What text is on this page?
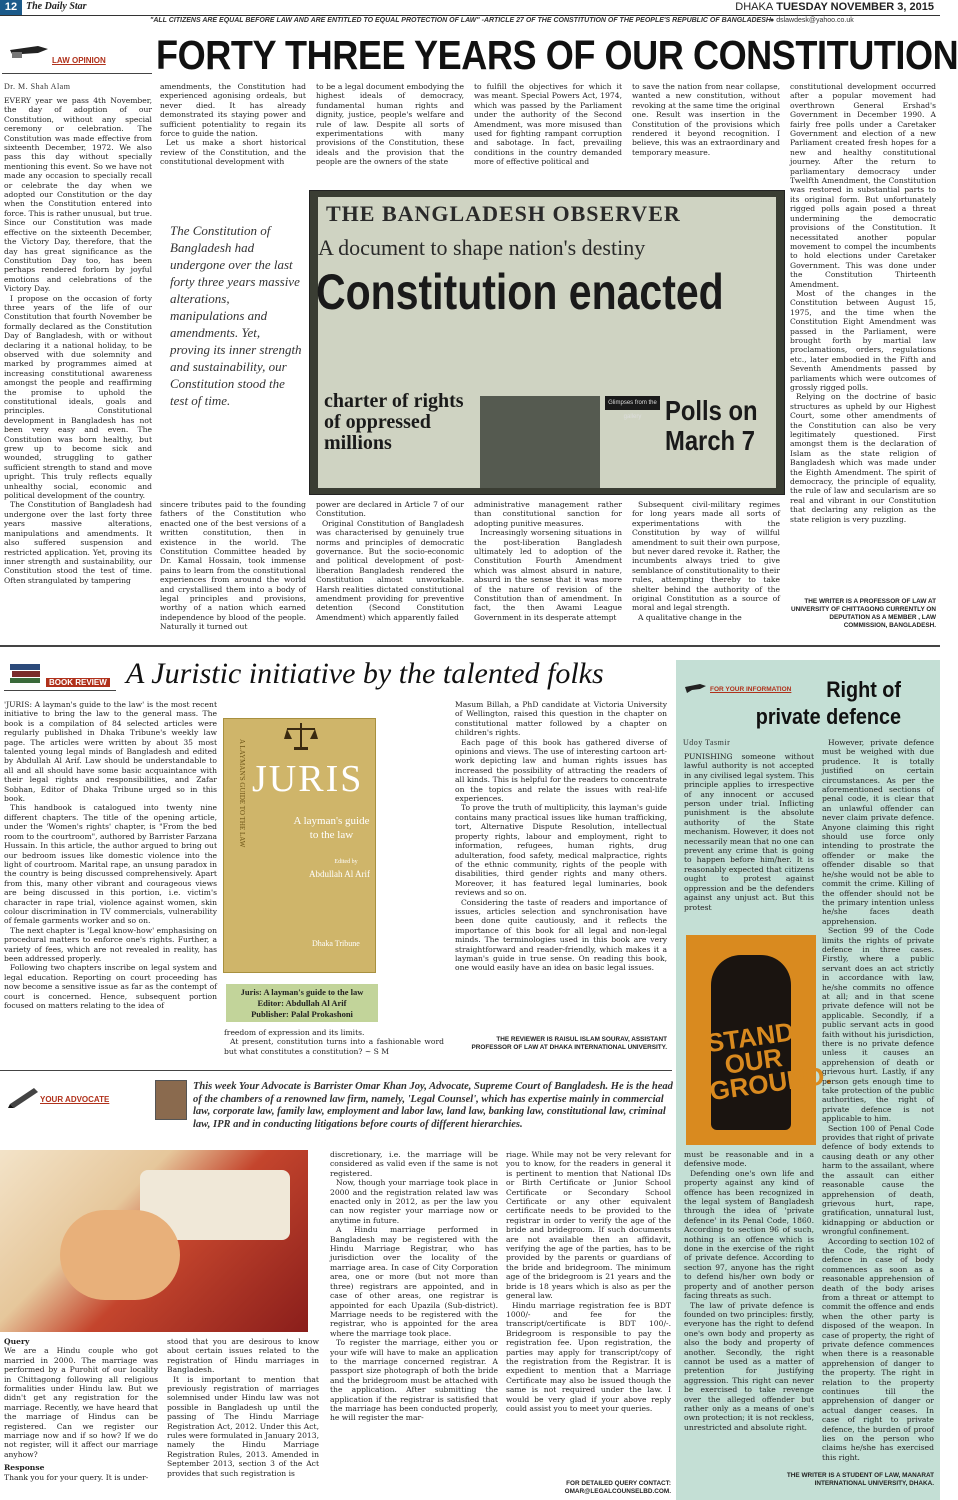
12 The Daily Star	DHAKA TUESDAY NOVEMBER 3, 2015
"ALL CITIZENS ARE EQUAL BEFORE LAW AND ARE ENTITLED TO EQUAL PROTECTION OF LAW" -ARTICLE 27 OF THE CONSTITUTION OF THE PEOPLE'S REPUBLIC OF BANGLADESH ● dslawdesk@yahoo.co.uk
LAW OPINION FORTY THREE YEARS OF OUR CONSTITUTION
Dr. M. Shah Alam

EVERY year we pass 4th November, the day of adoption of our Constitution, without any special ceremony or celebration. The Constitution was made effective from sixteenth December, 1972. We also pass this day without specially mentioning this event. So we have not made any occasion to specially recall or celebrate the day when we adopted our Constitution or the day when the Constitution entered into force. This is rather unusual, but true. Since our Constitution was made effective on the sixteenth December, the Victory Day, therefore, that the day has great significance as the Constitution Day too, has been perhaps rendered forlorn by joyful emotions and celebrations of the Victory Day.

I propose on the occasion of forty three years of the life of our Constitution that fourth November be formally declared as the Constitution Day of Bangladesh, with or without declaring it a national holiday, to be observed with due solemnity and marked by programmes aimed at increasing constitutional awareness amongst the people and reaffirming the promise to uphold the constitutional ideals, goals and principles. Constitutional development in Bangladesh has not been very easy and even. The Constitution was born healthy, but grew up to become sick and wounded, struggling to gather sufficient strength to stand and move upright. This truly reflects equally unhealthy social, economic and political development of the country.

The Constitution of Bangladesh had undergone over the last forty three years massive alterations, manipulations and amendments. It also suffered suspension and restricted application. Yet, proving its inner strength and sustainability, our Constitution stood the test of time. Often strangulated by tampering

amendments, the Constitution had experienced agonising ordeals, but never died. It has already demonstrated its staying power and sufficient potentiality to regain its force to guide the nation.

Let us make a short historical review of the Constitution, and the constitutional development with

to be a legal document embodying the highest ideals of democracy, fundamental human rights and dignity, justice, people's welfare and rule of law. Despite all sorts of experimentations with many provisions of the Constitution, these ideals and the provision that the people are the owners of the state
to fulfill the objectives for which it was meant. Special Powers Act, 1974, which was passed by the Parliament under the authority of the Second Amendment, was more misused than used for fighting rampant corruption and sabotage. In fact, prevailing conditions in the country demanded more of effective political and
to save the nation from near collapse, wanted a new constitution, without revoking at the same time the original one. Result was insertion in the Constitution of the provisions which rendered it beyond recognition. I believe, this was an extraordinary and temporary measure.

constitutional development occurred after a popular movement had overthrown General Ershad's Government in December 1990. A fairly free polls under a Caretaker Government and election of a new Parliament created fresh hopes for a new and healthy constitutional journey. After the return to parliamentary democracy under Twelfth Amendment, the Constitution was restored in substantial parts to its original form. But unfortunately rigged polls again posed a threat undermining the democratic provisions of the Constitution. It necessitated another popular movement to compel the incumbents to hold elections under Caretaker Government. This was done under the Constitution Thirteenth Amendment.

Most of the changes in the Constitution between August 15, 1975, and the time when the Constitution Eight Amendment was passed in the Parliament, were brought forth by martial law proclamations, orders, regulations etc., later embodied in the Fifth and Seventh Amendments passed by parliaments which were outcomes of grossly rigged polls.

Relying on the doctrine of basic structures as upheld by our Highest Court, some other amendments of the Constitution can also be very legitimately questioned. First amongst them is the declaration of Islam as the state religion of Bangladesh which was made under the Eighth Amendment. The spirit of democracy, the principle of equality, the rule of law and secularism are so real and vibrant in our Constitution that declaring any religion as the state religion is very puzzling.

The Constitution of Bangladesh had undergone over the last forty three years massive alterations, manipulations and amendments. Yet, proving its inner strength and sustainability, our Constitution stood the test of time.
THE BANGLADESH OBSERVER
A document to shape nation's destiny
Constitution enacted
charter of rights of oppressed millions
Glimpses from the gallery Polls on March 7
sincere tributes paid to the founding fathers of the Constitution who enacted one of the best versions of a written constitution, then in existence in the world. The Constitution Committee headed by Dr. Kamal Hossain, took immense pains to learn from the constitutional experiences from around the world and crystallised them into a body of legal principles and provisions, worthy of a nation which earned independence by blood of the people. Naturally it turned out

power are declared in Article 7 of our Constitution.

Original Constitution of Bangladesh was characterised by genuinely true norms and principles of democratic governance. But the socio-economic and political development of post-liberation Bangladesh rendered the Constitution almost unworkable. Harsh realities dictated constitutional amendment providing for preventive detention (Second Constitution Amendment) which apparently failed

administrative management rather than constitutional sanction for adopting punitive measures.

Increasingly worsening situations in the post-liberation Bangladesh ultimately led to adoption of the Constitution Fourth Amendment which was almost absurd in nature, absurd in the sense that it was more of the nature of revision of the Constitution than of amendment. In fact, the then Awami League Government in its desperate attempt

Subsequent civil-military regimes for long years made all sorts of experimentations with the Constitution by way of willful amendment to suit their own purpose, but never dared revoke it. Rather, the incumbents always tried to give semblance of constitutionality to their rules, attempting thereby to take shelter behind the authority of the original Constitution as a source of moral and legal strength.

A qualitative change in the

THE WRITER IS A PROFESSOR OF LAW AT UNIVERSITY OF CHITTAGONG CURRENTLY ON DEPUTATION AS A MEMBER , LAW COMMISSION, BANGLADESH.
BOOK REVIEW A Juristic initiative by the talented folks

'JURIS: A layman's guide to the law' is the most recent initiative to bring the law to the general mass. The book is a compilation of 84 selected articles were regularly published in Dhaka Tribune's weekly law page. The articles were written by about 35 most talented young legal minds of Bangladesh and edited by Abdullah Al Arif. Law should be understandable to all and all should have some basic acquaintance with their legal rights and responsibilities, and Zafar Sobhan, Editor of Dhaka Tribune urged so in this book.

This handbook is catalogued into twenty nine different chapters. The title of the opening article, under the 'Women's rights' chapter, is "From the bed room to the courtroom", authored by Barrister Farzana Hussain. In this article, the author argued to bring out our bedroom issues like domestic violence into the light of courtroom. Marital rape, an unsung paradox in the country is being discussed comprehensively. Apart from this, many other vibrant and courageous views are being discussed in this portion, i.e. victim's character in rape trial, violence against women, skin colour discrimination in TV commercials, vulnerability of female garments worker and so on.

The next chapter is 'Legal know-how' emphasising on procedural matters to enforce one's rights. Further, a variety of fees, which are not revealed in reality, has been addressed properly.

Following two chapters inscribe on legal system and legal education. Reporting on court proceeding has now become a sensitive issue as far as the contempt of court is concerned. Hence, subsequent portion focused on matters relating to the idea of

A LAYMAN'S GUIDE TO THE LAW JURIS
A layman's guide to the law
Edited by
Abdullah Al Arif
Dhaka Tribune
Juris: A layman's guide to the law
Editor: Abdullah Al Arif
Publisher: Palal Prokashoni

freedom of expression and its limits.

At present, constitution turns into a fashionable word but what constitutes a constitution? ~ S M

Masum Billah, a PhD candidate at Victoria University of Wellington, raised this question in the chapter on constitutional matter followed by a chapter on children's rights.

Each page of this book has gathered diverse of opinions and views. The use of interesting cartoon art-work depicting law and human rights issues has increased the possibility of attracting the readers of all kinds. This is helpful for the readers to concentrate on the topics and relate the issues with real-life experiences.

To prove the truth of multiplicity, this layman's guide contains many practical issues like human trafficking, tort, Alternative Dispute Resolution, intellectual property rights, labour and employment, right to information, refugees, human rights, drug adulteration, food safety, medical malpractice, rights of the ethnic community, rights of the people with disabilities, third gender rights and many others. Moreover, it has featured legal luminaries, book reviews and so on.

Considering the taste of readers and importance of issues, articles selection and synchronisation have been done quite cautiously, and it reflects the importance of this book for all legal and non-legal minds. The terminologies used in this book are very straightforward and reader-friendly, which makes it a layman's guide in true sense. On reading this book, one would easily have an idea on basic legal issues.

THE REVIEWER IS RAISUL ISLAM SOURAV, ASSISTANT PROFESSOR OF LAW AT DHAKA INTERNATIONAL UNIVERSITY.
YOUR ADVOCATE
This week Your Advocate is Barrister Omar Khan Joy, Advocate, Supreme Court of Bangladesh. He is the head of the chambers of a renowned law firm, namely, 'Legal Counsel', which has expertise mainly in commercial law, corporate law, family law, employment and labor law, land law, banking law, constitutional law, criminal law, IPR and in conducting litigations before courts of different hierarchies.

Query

We are a Hindu couple who got married in 2000. The marriage was performed by a Purohit of our locality in Chittagong following all religious formalities under Hindu law. But we didn't get any registration for the marriage. Recently, we have heard that the marriage of Hindus can be registered. Can we register our marriage now and if so how? If we do not register, will it affect our marriage anyhow?

Response

Thank you for your query. It is under-

stood that you are desirous to know about certain issues related to the registration of Hindu marriages in Bangladesh.

It is important to mention that previously registration of marriages solemnised under Hindu law was not possible in Bangladesh up until the passing of The Hindu Marriage Registration Act, 2012. Under this Act, rules were formulated in January 2013, namely the Hindu Marriage Registration Rules, 2013. Amended in September 2013, section 3 of the Act provides that such registration is

discretionary, i.e. the marriage will be considered as valid even if the same is not registered.

Now, though your marriage took place in 2000 and the registration related law was enacted only in 2012, as per the law you can now register your marriage now or anytime in future.

A Hindu marriage performed in Bangladesh may be registered with the Hindu Marriage Registrar, who has jurisdiction over the locality of the marriage area. In case of City Corporation area, one or more (but not more than three) registrars are appointed, and in case of other areas, one registrar is appointed for each Upazila (Sub-district). Marriage needs to be registered with the registrar, who is appointed for the area where the marriage took place.

To register the marriage, either you or your wife will have to make an application to the marriage concerned registrar. A passport size photograph of both the bride and the bridegroom must be attached with the application. After submitting the application if the registrar is satisfied that the marriage has been conducted properly, he will register the mar-

riage. While may not be very relevant for you to know, for the readers in general it is pertinent to mention that National IDs or Birth Certificate or Junior School Certificate or Secondary School Certificate or any other equivalent certificate needs to be provided to the registrar in order to verify the age of the bride and bridegroom. If such documents are not available then an affidavit, verifying the age of the parties, has to be provided by the parents or guardians of the bride and bridegroom. The minimum age of the bridegroom is 21 years and the bride is 18 years which is also as per the general law.

Hindu marriage registration fee is BDT 1000/- and fee for the transcript/certificate is BDT 100/-. Bridegroom is responsible to pay the registration fee. Upon registration, the parties may apply for transcript/copy of the registration from the Registrar. It is expedient to mention that a Marriage Certificate may also be issued though the same is not required under the law. I would be very glad if your above reply could assist you to meet your queries.

FOR DETAILED QUERY CONTACT: OMAR@LEGALCOUNSELBD.COM.
FOR YOUR INFORMATION	Right of
private defence
Udoy Tasmir

PUNISHING someone without lawful authority is not accepted in any civilised legal system. This principle applies to irrespective of any innocent or accused person under trial. Inflicting punishment is the absolute authority of the State mechanism. However, it does not necessarily mean that no one can prevent any crime that is going to happen before him/her. It is reasonably expected that citizens ought to protest against oppression and be the defenders against any unjust act. But this protest

STAND OUR GROUND.

must be reasonable and in a defensive mode.

Defending one's own life and property against any kind of offence has been recognized in the legal system of Bangladesh through the idea of 'private defence' in its Penal Code, 1860. According to section 96 of such, nothing is an offence which is done in the exercise of the right of private defence. According to section 97, anyone has the right to defend his/her own body or property and of another person facing threats as such.

The law of private defence is founded on two principles: firstly, everyone has the right to defend one's own body and property as also the body and property of another. Secondly, the right cannot be used as a matter of pretention for justifying aggression. This right can never be exercised to take revenge over the alleged offender but rather only as a means of one's own protection; it is not reckless, unrestricted and absolute right.

However, private defence must be weighed with due prudence. It is totally justified on certain circumstances. As per the aforementioned sections of penal code, it is clear that an unlawful offender can never claim private defence. Anyone claiming this right should use force only intending to prostrate the offender or make the offender disable so that he/she would not be able to commit the crime. Killing of the offender should not be the primary intention unless he/she faces death apprehension.

Section 99 of the Code limits the rights of private defence in three cases. Firstly, where a public servant does an act strictly in accordance with law, he/she commits no offence at all; and in that scene private defence will not be applicable. Secondly, if a public servant acts in good faith without his jurisdiction, there is no private defence unless it causes an apprehension of death or grievous hurt. Lastly, if any person gets enough time to take protection of the public authorities, the right of private defence is not applicable to him.

Section 100 of Penal Code provides that right of private defence of body extends to causing death or any other harm to the assailant, where the assault can either reasonable cause the apprehension of death, grievous hurt, rape, gratification, unnatural lust, kidnapping or abduction or wrongful confinement.

According to section 102 of the Code, the right of defence in case of body commences as soon as a reasonable apprehension of death of the body arises from a threat or attempt to commit the offence and ends when the other party is disposed of the weapon. In case of property, the right of private defence commences when there is a reasonable apprehension of danger to the property. The right in relation to the property continues till the apprehension of danger or actual danger ceases. In case of right to private defence, the burden of proof lies on the person who claims he/she has exercised this right.

THE WRITER IS A STUDENT OF LAW, MANARAT INTERNATIONAL UNIVERSITY, DHAKA.
